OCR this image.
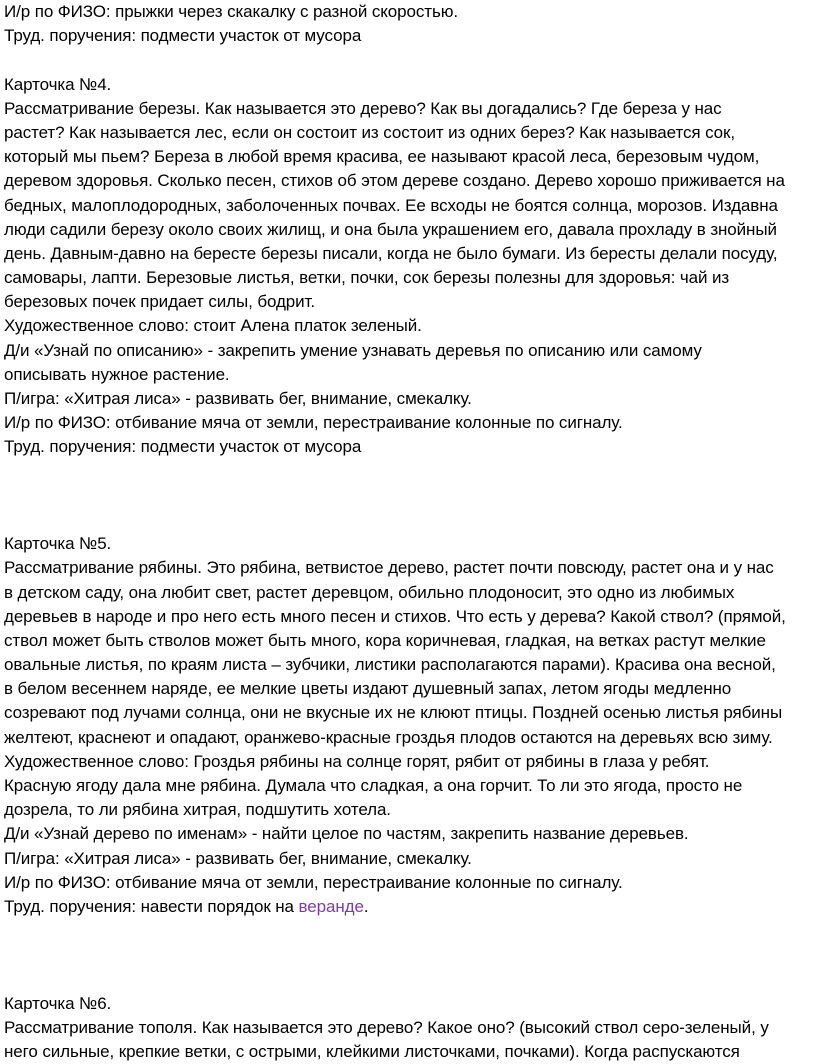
И/р по ФИЗО: прыжки через скакалку с разной скоростью.
Труд. поручения: подмести участок от мусора
Карточка №4.
Рассматривание березы. Как называется это дерево? Как вы догадались? Где береза у нас
растет? Как называется лес, если он состоит из состоит из одних берез? Как называется сок,
который мы пьем? Береза в любой время красива, ее называют красой леса, березовым чудом,
деревом здоровья. Сколько песен, стихов об этом дереве создано. Дерево хорошо приживается на
бедных, малоплодородных, заболоченных почвах. Ее всходы не боятся солнца, морозов. Издавна
люди садили березу около своих жилищ, и она была украшением его, давала прохладу в знойный
день. Давным-давно на бересте березы писали, когда не было бумаги. Из бересты делали посуду,
самовары, лапти. Березовые листья, ветки, почки, сок березы полезны для здоровья: чай из
березовых почек придает силы, бодрит.
Художественное слово: стоит Алена платок зеленый.
Д/и «Узнай по описанию» - закрепить умение узнавать деревья по описанию или самому
описывать нужное растение.
П/игра: «Хитрая лиса» - развивать бег, внимание, смекалку.
И/р по ФИЗО: отбивание мяча от земли, перестраивание колонные по сигналу.
Труд. поручения: подмести участок от мусора
Карточка №5.
Рассматривание рябины. Это рябина, ветвистое дерево, растет почти повсюду, растет она и у нас
в детском саду, она любит свет, растет деревцом, обильно плодоносит, это одно из любимых
деревьев в народе и про него есть много песен и стихов. Что есть у дерева? Какой ствол? (прямой,
ствол может быть стволов может быть много, кора коричневая, гладкая, на ветках растут мелкие
овальные листья, по краям листа – зубчики, листики располагаются парами). Красива она весной,
в белом весеннем наряде, ее мелкие цветы издают душевный запах, летом ягоды медленно
созревают под лучами солнца, они не вкусные их не клюют птицы. Поздней осенью листья рябины
желтеют, краснеют и опадают, оранжево-красные гроздья плодов остаются на деревьях всю зиму.
Художественное слово: Гроздья рябины на солнце горят, рябит от рябины в глаза у ребят.
Красную ягоду дала мне рябина. Думала что сладкая, а она горчит. То ли это ягода, просто не
дозрела, то ли рябина хитрая, подшутить хотела.
Д/и «Узнай дерево по именам» - найти целое по частям, закрепить название деревьев.
П/игра: «Хитрая лиса» - развивать бег, внимание, смекалку.
И/р по ФИЗО: отбивание мяча от земли, перестраивание колонные по сигналу.
Труд. поручения: навести порядок на веранде.
Карточка №6.
Рассматривание тополя. Как называется это дерево? Какое оно? (высокий ствол серо-зеленый, у
него сильные, крепкие ветки, с острыми, клейкими листочками, почками). Когда распускаются
